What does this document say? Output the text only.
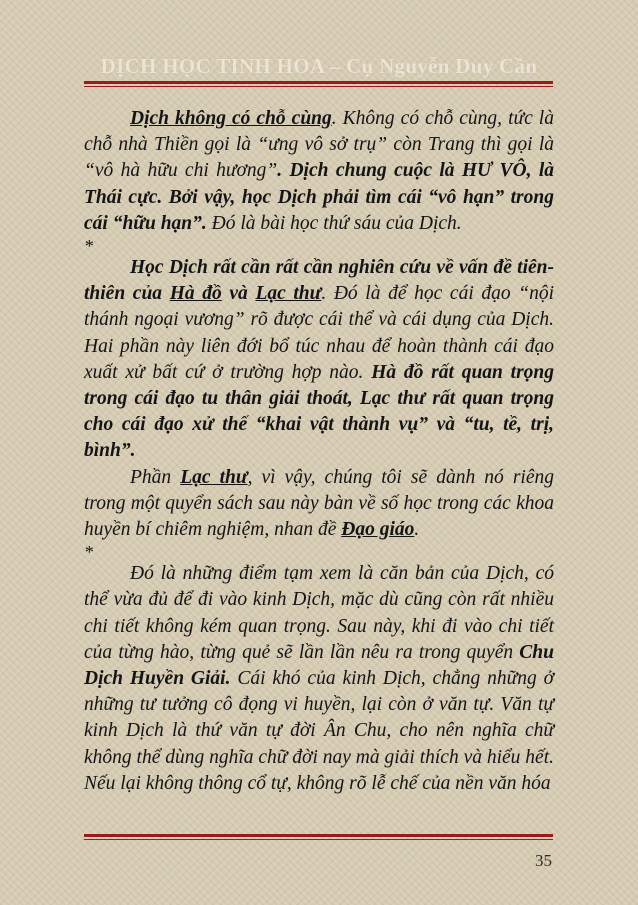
DỊCH HỌC TINH HOA – Cụ Nguyễn Duy Cần

Dịch không có chỗ cùng. Không có chỗ cùng, tức là chỗ nhà Thiền gọi là “ưng vô sở trụ” còn Trang thì gọi là “vô hà hữu chi hương”. Dịch chung cuộc là HƯ VÔ, là Thái cực. Bởi vậy, học Dịch phải tìm cái “vô hạn” trong cái “hữu hạn”. Đó là bài học thứ sáu của Dịch.

*

Học Dịch rất cần rất cần nghiên cứu về vấn đề tiên-thiên của Hà đồ và Lạc thư. Đó là để học cái đạo “nội thánh ngoại vương” rõ được cái thể và cái dụng của Dịch. Hai phần này liên đới bổ túc nhau để hoàn thành cái đạo xuất xử bất cứ ở trường hợp nào. Hà đồ rất quan trọng trong cái đạo tu thân giải thoát, Lạc thư rất quan trọng cho cái đạo xử thế “khai vật thành vụ” và “tu, tề, trị, bình”.

Phần Lạc thư, vì vậy, chúng tôi sẽ dành nó riêng trong một quyển sách sau này bàn về số học trong các khoa huyền bí chiêm nghiệm, nhan đề Đạo giáo.

*

Đó là những điểm tạm xem là căn bản của Dịch, có thể vừa đủ để đi vào kinh Dịch, mặc dù cũng còn rất nhiều chi tiết không kém quan trọng. Sau này, khi đi vào chi tiết của từng hào, từng quẻ sẽ lần lần nêu ra trong quyển Chu Dịch Huyền Giải. Cái khó của kinh Dịch, chẳng những ở những tư tưởng cô đọng vi huyền, lại còn ở văn tự. Văn tự kinh Dịch là thứ văn tự đời Ân Chu, cho nên nghĩa chữ không thể dùng nghĩa chữ đời nay mà giải thích và hiểu hết. Nếu lại không thông cổ tự, không rõ lễ chế của nền văn hóa

35
